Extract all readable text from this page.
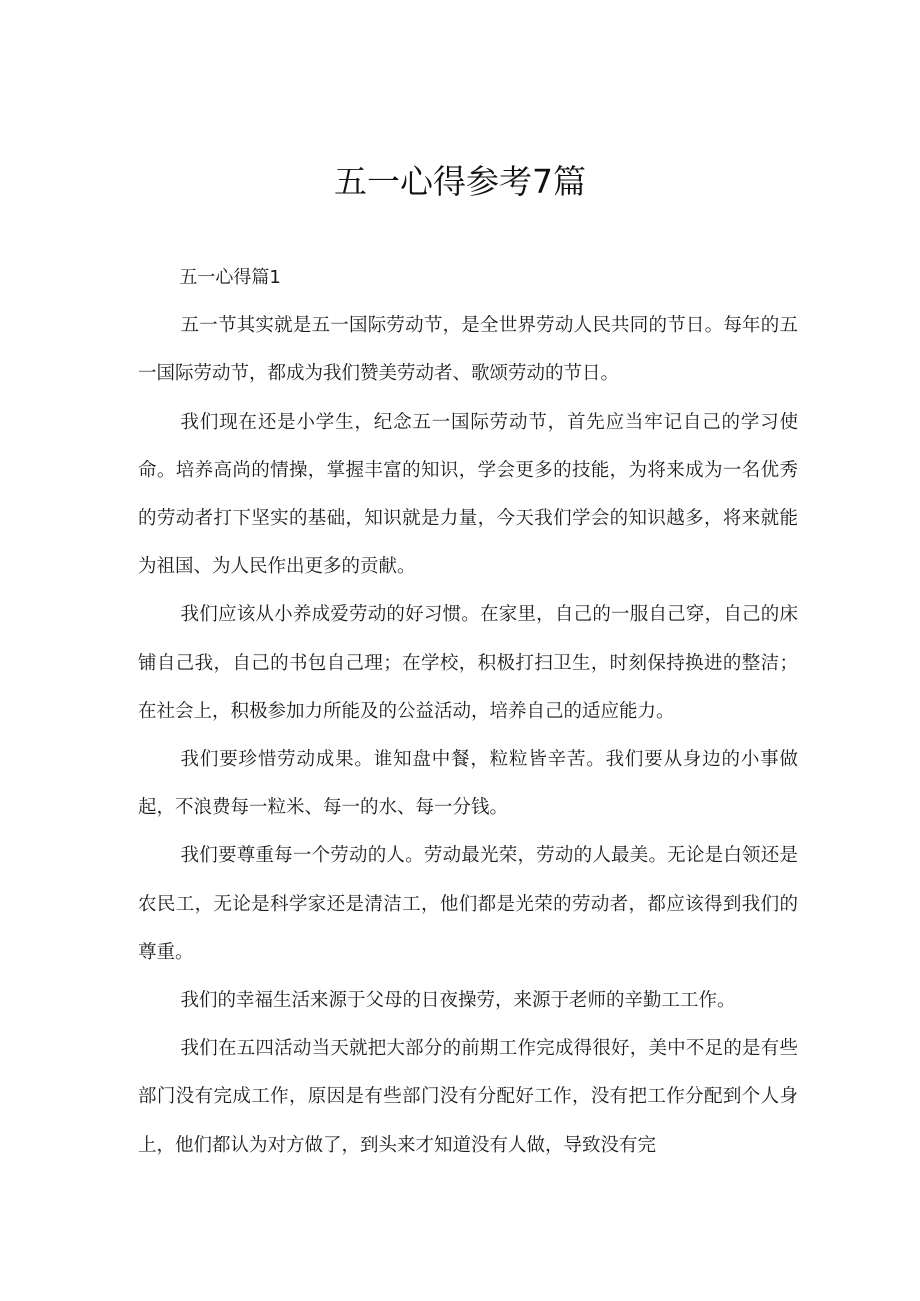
五一心得参考7篇
五一心得篇1

五一节其实就是五一国际劳动节，是全世界劳动人民共同的节日。每年的五一国际劳动节，都成为我们赞美劳动者、歌颂劳动的节日。

我们现在还是小学生，纪念五一国际劳动节，首先应当牢记自己的学习使命。培养高尚的情操，掌握丰富的知识，学会更多的技能，为将来成为一名优秀的劳动者打下坚实的基础，知识就是力量，今天我们学会的知识越多，将来就能为祖国、为人民作出更多的贡献。

我们应该从小养成爱劳动的好习惯。在家里，自己的一服自己穿，自己的床铺自己我，自己的书包自己理；在学校，积极打扫卫生，时刻保持换进的整洁；在社会上，积极参加力所能及的公益活动，培养自己的适应能力。

我们要珍惜劳动成果。谁知盘中餐，粒粒皆辛苦。我们要从身边的小事做起，不浪费每一粒米、每一的水、每一分钱。

我们要尊重每一个劳动的人。劳动最光荣，劳动的人最美。无论是白领还是农民工，无论是科学家还是清洁工，他们都是光荣的劳动者，都应该得到我们的尊重。

我们的幸福生活来源于父母的日夜操劳，来源于老师的辛勤工工作。

我们在五四活动当天就把大部分的前期工作完成得很好，美中不足的是有些部门没有完成工作，原因是有些部门没有分配好工作，没有把工作分配到个人身上，他们都认为对方做了，到头来才知道没有人做，导致没有完
